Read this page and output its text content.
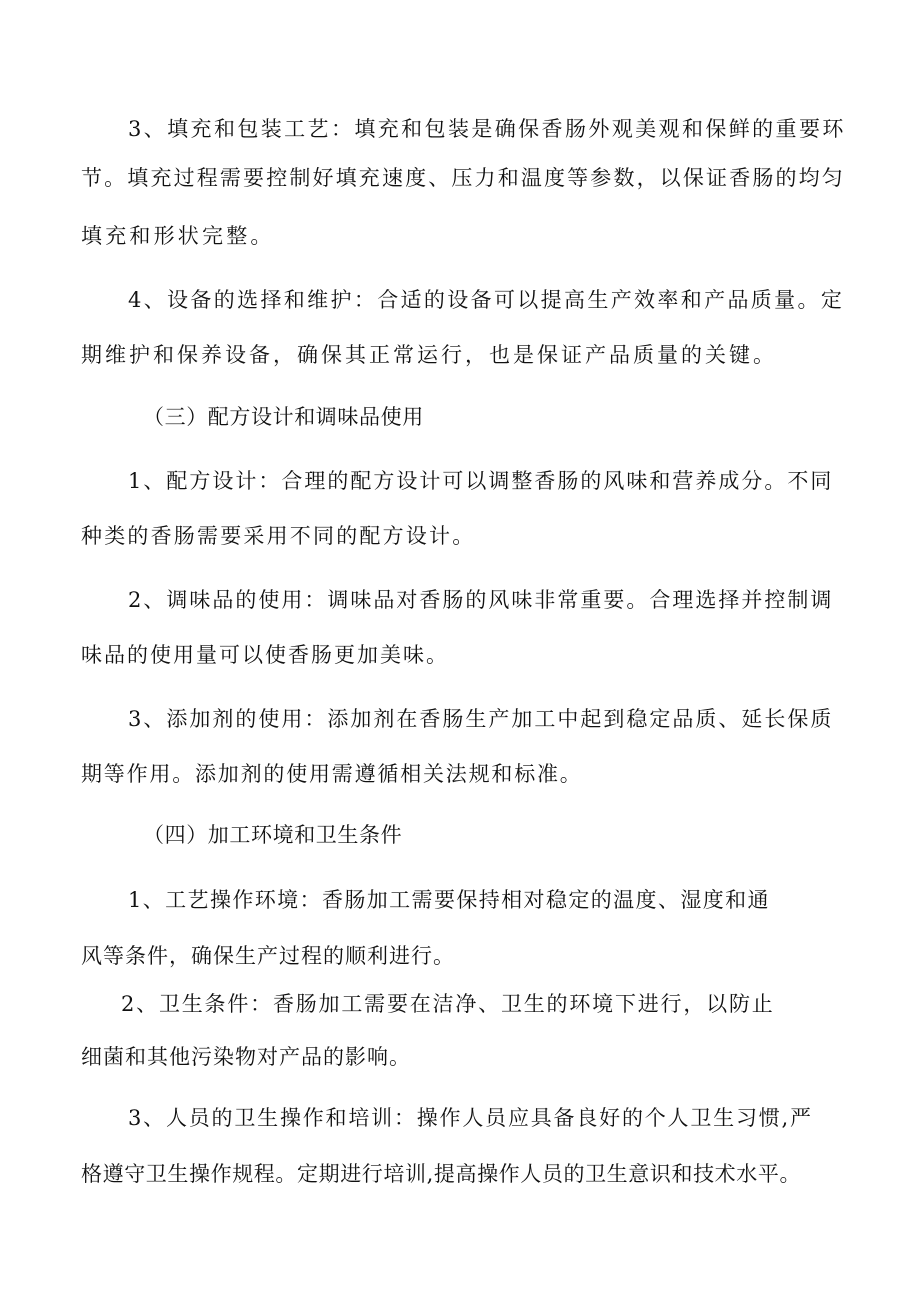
3、填充和包装工艺：填充和包装是确保香肠外观美观和保鲜的重要环
节。填充过程需要控制好填充速度、压力和温度等参数，以保证香肠的均匀
填充和形状完整。
4、设备的选择和维护：合适的设备可以提高生产效率和产品质量。定
期维护和保养设备，确保其正常运行，也是保证产品质量的关键。
（三）配方设计和调味品使用
1、配方设计：合理的配方设计可以调整香肠的风味和营养成分。不同
种类的香肠需要采用不同的配方设计。
2、调味品的使用：调味品对香肠的风味非常重要。合理选择并控制调
味品的使用量可以使香肠更加美味。
3、添加剂的使用：添加剂在香肠生产加工中起到稳定品质、延长保质
期等作用。添加剂的使用需遵循相关法规和标准。
（四）加工环境和卫生条件
1、工艺操作环境：香肠加工需要保持相对稳定的温度、湿度和通
风等条件，确保生产过程的顺利进行。
2、卫生条件：香肠加工需要在洁净、卫生的环境下进行，以防止
细菌和其他污染物对产品的影响。
3、人员的卫生操作和培训：操作人员应具备良好的个人卫生习惯,严
格遵守卫生操作规程。定期进行培训,提高操作人员的卫生意识和技术水平。
